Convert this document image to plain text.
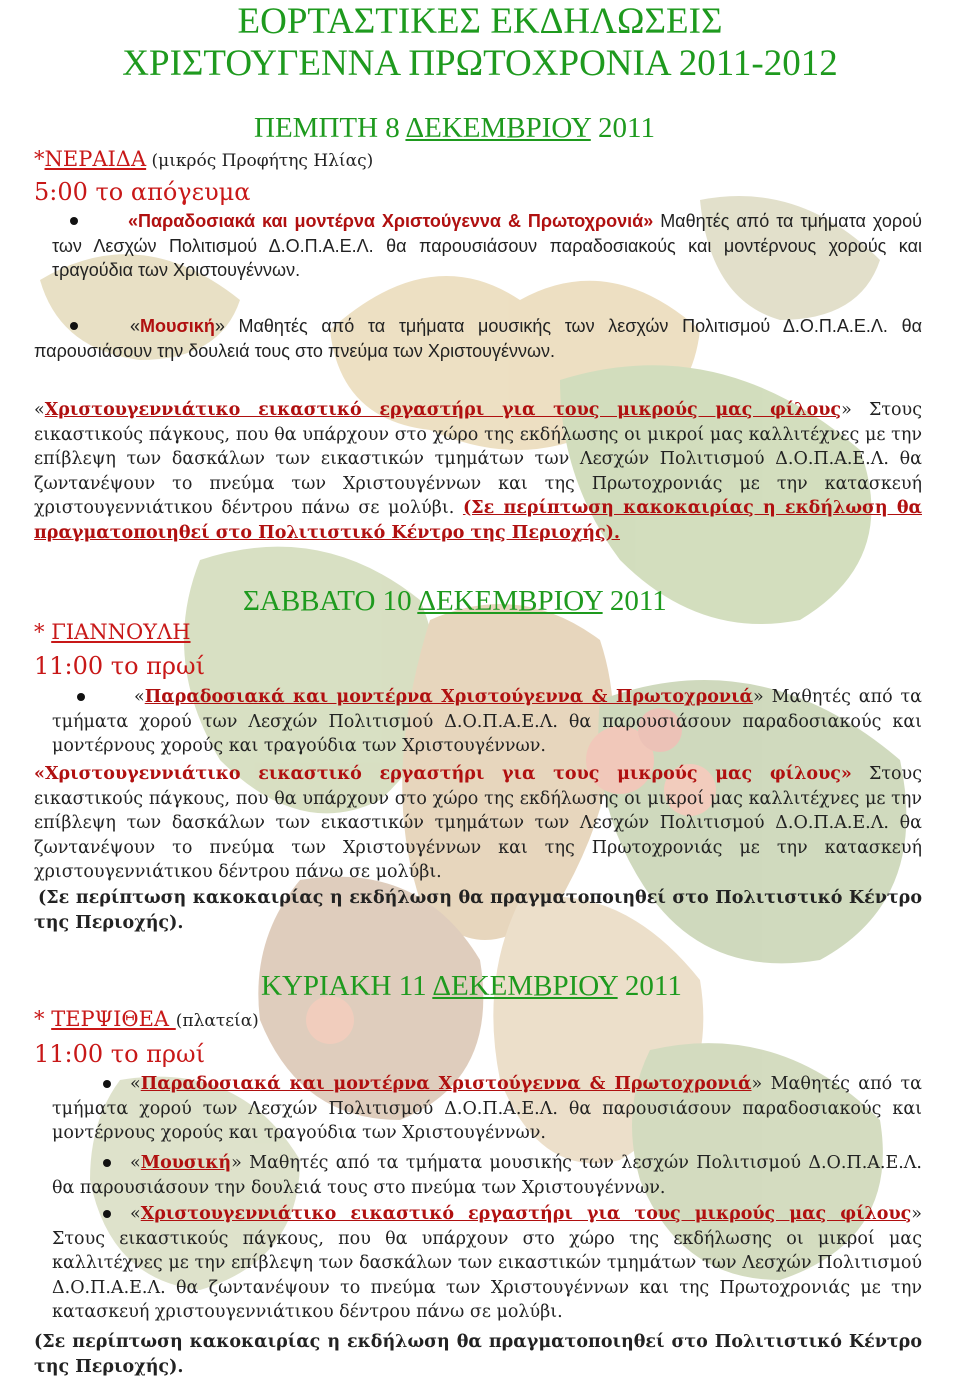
ΕΟΡΤΑΣΤΙΚΕΣ ΕΚΔΗΛΩΣΕΙΣ
ΧΡΙΣΤΟΥΓΕΝΝΑ ΠΡΩΤΟΧΡΟΝΙΑ 2011-2012
ΠΕΜΠΤΗ 8 ΔΕΚΕΜΒΡΙΟΥ 2011
*ΝΕΡΑΙΔΑ (μικρός Προφήτης Ηλίας)
5:00 το απόγευμα
«Παραδοσιακά και μοντέρνα Χριστούγεννα & Πρωτοχρονιά» Μαθητές από τα τμήματα χορού των Λεσχών Πολιτισμού Δ.Ο.Π.Α.Ε.Λ. θα παρουσιάσουν παραδοσιακούς και μοντέρνους χορούς και τραγούδια των Χριστουγέννων.
«Μουσική» Μαθητές από τα τμήματα μουσικής των λεσχών Πολιτισμού Δ.Ο.Π.Α.Ε.Λ. θα παρουσιάσουν την δουλειά τους στο πνεύμα των Χριστουγέννων.
«Χριστουγεννιάτικο εικαστικό εργαστήρι για τους μικρούς μας φίλους» Στους εικαστικούς πάγκους, που θα υπάρχουν στο χώρο της εκδήλωσης οι μικροί μας καλλιτέχνες με την επίβλεψη των δασκάλων των εικαστικών τμημάτων των Λεσχών Πολιτισμού Δ.Ο.Π.Α.Ε.Λ. θα ζωντανέψουν το πνεύμα των Χριστουγέννων και της Πρωτοχρονιάς με την κατασκευή χριστουγεννιάτικου δέντρου πάνω σε μολύβι. (Σε περίπτωση κακοκαιρίας η εκδήλωση θα πραγματοποιηθεί στο Πολιτιστικό Κέντρο της Περιοχής).
ΣΑΒΒΑΤΟ 10 ΔΕΚΕΜΒΡΙΟΥ 2011
* ΓΙΑΝΝΟΥΛΗ
11:00 το πρωί
«Παραδοσιακά και μοντέρνα Χριστούγεννα & Πρωτοχρονιά» Μαθητές από τα τμήματα χορού των Λεσχών Πολιτισμού Δ.Ο.Π.Α.Ε.Λ. θα παρουσιάσουν παραδοσιακούς και μοντέρνους χορούς και τραγούδια των Χριστουγέννων.
«Χριστουγεννιάτικο εικαστικό εργαστήρι για τους μικρούς μας φίλους» Στους εικαστικούς πάγκους, που θα υπάρχουν στο χώρο της εκδήλωσης οι μικροί μας καλλιτέχνες με την επίβλεψη των δασκάλων των εικαστικών τμημάτων των Λεσχών Πολιτισμού Δ.Ο.Π.Α.Ε.Λ. θα ζωντανέψουν το πνεύμα των Χριστουγέννων και της Πρωτοχρονιάς με την κατασκευή χριστουγεννιάτικου δέντρου πάνω σε μολύβι.
(Σε περίπτωση κακοκαιρίας η εκδήλωση θα πραγματοποιηθεί στο Πολιτιστικό Κέντρο της Περιοχής).
ΚΥΡΙΑΚΗ 11 ΔΕΚΕΜΒΡΙΟΥ 2011
* ΤΕΡΨΙΘΕΑ (πλατεία)
11:00 το πρωί
«Παραδοσιακά και μοντέρνα Χριστούγεννα & Πρωτοχρονιά» Μαθητές από τα τμήματα χορού των Λεσχών Πολιτισμού Δ.Ο.Π.Α.Ε.Λ. θα παρουσιάσουν παραδοσιακούς και μοντέρνους χορούς και τραγούδια των Χριστουγέννων.
«Μουσική» Μαθητές από τα τμήματα μουσικής των λεσχών Πολιτισμού Δ.Ο.Π.Α.Ε.Λ. θα παρουσιάσουν την δουλειά τους στο πνεύμα των Χριστουγέννων.
«Χριστουγεννιάτικο εικαστικό εργαστήρι για τους μικρούς μας φίλους» Στους εικαστικούς πάγκους, που θα υπάρχουν στο χώρο της εκδήλωσης οι μικροί μας καλλιτέχνες με την επίβλεψη των δασκάλων των εικαστικών τμημάτων των Λεσχών Πολιτισμού Δ.Ο.Π.Α.Ε.Λ. θα ζωντανέψουν το πνεύμα των Χριστουγέννων και της Πρωτοχρονιάς με την κατασκευή χριστουγεννιάτικου δέντρου πάνω σε μολύβι.
(Σε περίπτωση κακοκαιρίας η εκδήλωση θα πραγματοποιηθεί στο Πολιτιστικό Κέντρο της Περιοχής).
